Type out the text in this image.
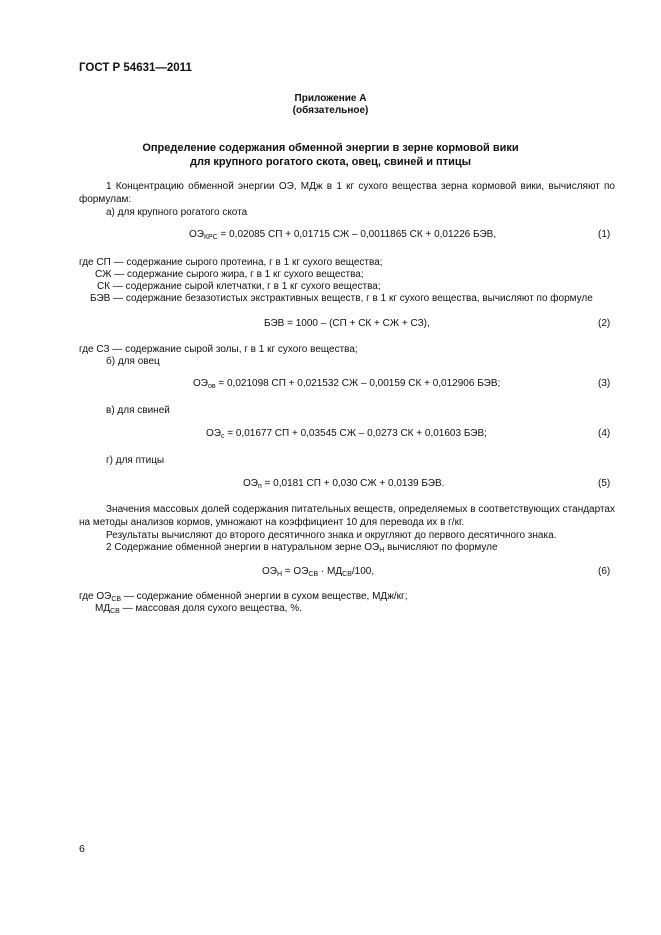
ГОСТ Р 54631—2011
Приложение А
(обязательное)
Определение содержания обменной энергии в зерне кормовой вики
для крупного рогатого скота, овец, свиней и птицы
1 Концентрацию обменной энергии ОЭ, МДж в 1 кг сухого вещества зерна кормовой вики, вычисляют по формулам:
а) для крупного рогатого скота
$ОЭ_{КРС} = 0,02085$ СП + 0,01715 СЖ – 0,0011865 СК + 0,01226 БЭВ,	(1)
где СП — содержание сырого протеина, г в 1 кг сухого вещества;
СЖ — содержание сырого жира, г в 1 кг сухого вещества;
СК — содержание сырой клетчатки, г в 1 кг сухого вещества;
БЭВ — содержание безазотистых экстрактивных веществ, г в 1 кг сухого вещества, вычисляют по формуле
БЭВ = 1000 – (СП + СК + СЖ + СЗ),	(2)
где СЗ — содержание сырой золы, г в 1 кг сухого вещества;
б) для овец
$ОЭ_{ов} = 0,021098$ СП + 0,021532 СЖ – 0,00159 СК + 0,012906 БЭВ;	(3)
в) для свиней
$ОЭ_с = 0,01677$ СП + 0,03545 СЖ – 0,0273 СК + 0,01603 БЭВ;	(4)
г) для птицы
$ОЭ_п = 0,0181$ СП + 0,030 СЖ + 0,0139 БЭВ.	(5)
Значения массовых долей содержания питательных веществ, определяемых в соответствующих стандартах на методы анализов кормов, умножают на коэффициент 10 для перевода их в г/кг.
Результаты вычисляют до второго десятичного знака и округляют до первого десятичного знака.
2 Содержание обменной энергии в натуральном зерне $ОЭ_Н$ вычисляют по формуле
$ОЭ_Н = ОЭ_{СВ} \cdot МД_{СВ}/100$,	(6)
где $ОЭ_{СВ}$ — содержание обменной энергии в сухом веществе, МДж/кг;
$МД_{СВ}$ — массовая доля сухого вещества, %.
6
